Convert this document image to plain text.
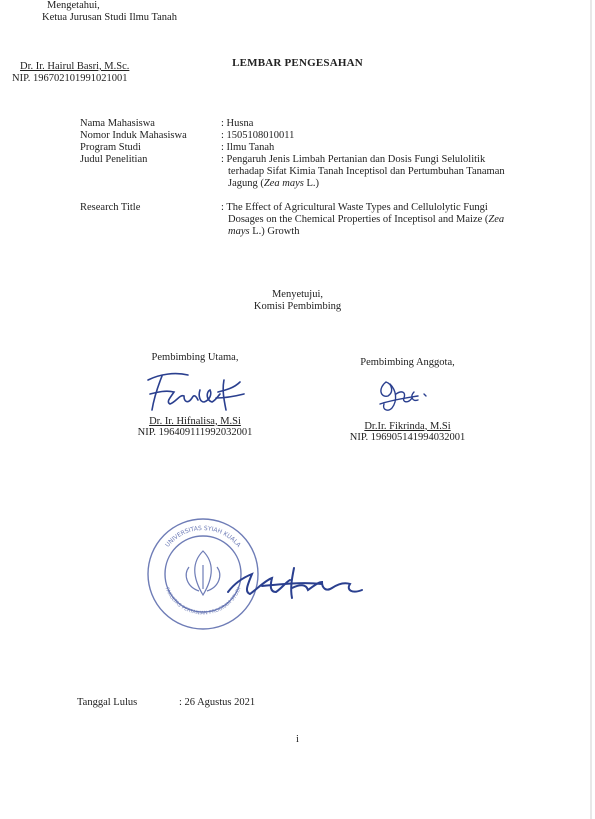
LEMBAR PENGESAHAN
Nama Mahasiswa	: Husna
Nomor Induk Mahasiswa	: 1505108010011
Program Studi	: Ilmu Tanah
Judul Penelitian	: Pengaruh Jenis Limbah Pertanian dan Dosis Fungi Selulolitik terhadap Sifat Kimia Tanah Inceptisol dan Pertumbuhan Tanaman Jagung (Zea mays L.)
Research Title	: The Effect of Agricultural Waste Types and Cellulolytic Fungi Dosages on the Chemical Properties of Inceptisol and Maize (Zea mays L.) Growth
Menyetujui,
Komisi Pembimbing
Pembimbing Utama,
Dr. Ir. Hifnalisa, M.Si
NIP. 196409111992032001
Pembimbing Anggota,
Dr.Ir. Fikrinda, M.Si
NIP. 196905141994032001
UNIVERSITAS SYIAH KUALA
FAKULTAS PERTANIAN PROGRAM STUDI
Mengetahui,
Ketua Jurusan Studi Ilmu Tanah
Dr. Ir. Hairul Basri, M.Sc.
NIP. 196702101991021001
Tanggal Lulus	: 26 Agustus 2021
i
